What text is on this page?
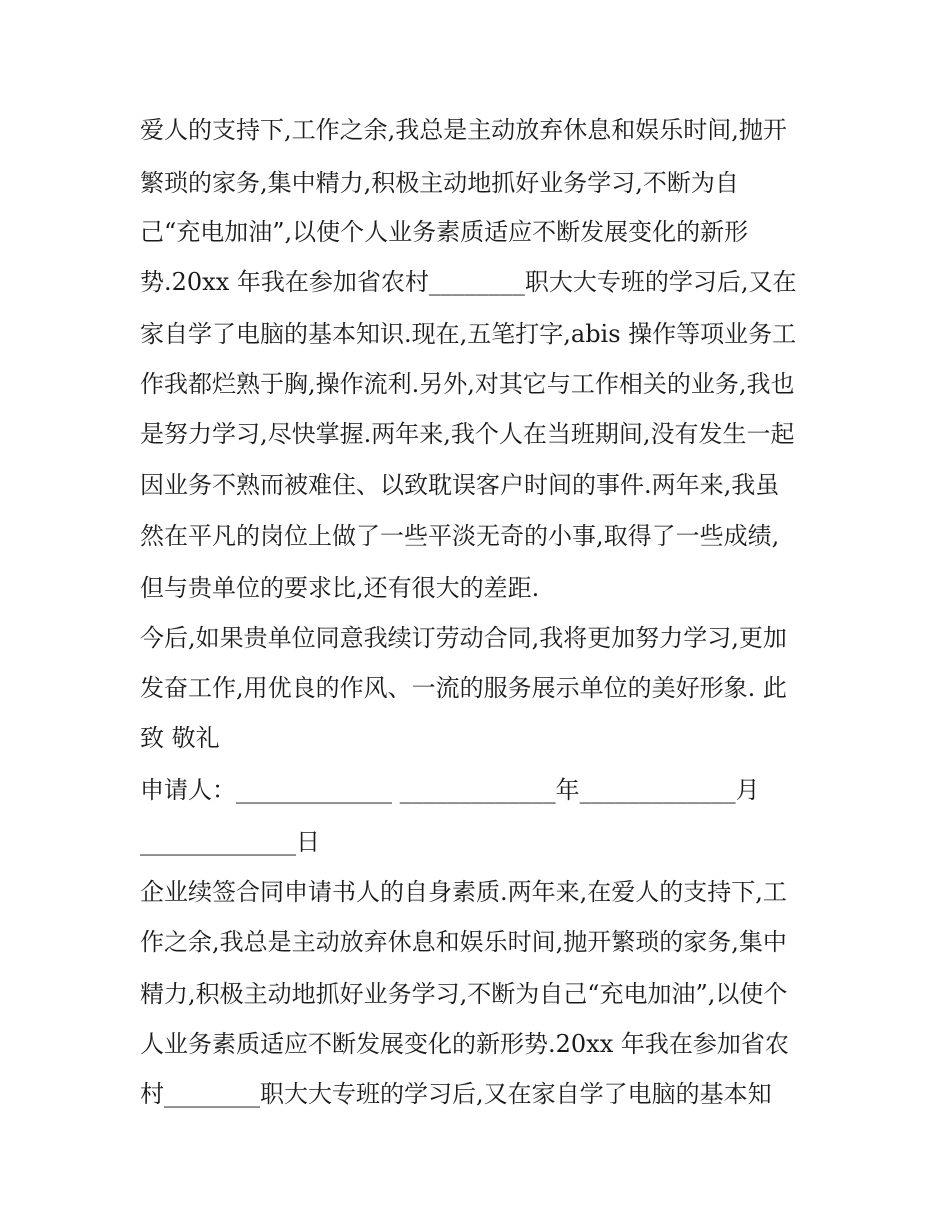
爱人的支持下,工作之余,我总是主动放弃休息和娱乐时间,抛开
繁琐的家务,集中精力,积极主动地抓好业务学习,不断为自
己“充电加油”,以使个人业务素质适应不断发展变化的新形
势.20xx 年我在参加省农村________职大大专班的学习后,又在
家自学了电脑的基本知识.现在,五笔打字,abis 操作等项业务工
作我都烂熟于胸,操作流利.另外,对其它与工作相关的业务,我也
是努力学习,尽快掌握.两年来,我个人在当班期间,没有发生一起
因业务不熟而被难住、以致耽误客户时间的事件.两年来,我虽
然在平凡的岗位上做了一些平淡无奇的小事,取得了一些成绩,
但与贵单位的要求比,还有很大的差距.
今后,如果贵单位同意我续订劳动合同,我将更加努力学习,更加
发奋工作,用优良的作风、一流的服务展示单位的美好形象. 此
致 敬礼
申请人：_____________ _____________年_____________月
_____________日
企业续签合同申请书人的自身素质.两年来,在爱人的支持下,工
作之余,我总是主动放弃休息和娱乐时间,抛开繁琐的家务,集中
精力,积极主动地抓好业务学习,不断为自己“充电加油”,以使个
人业务素质适应不断发展变化的新形势.20xx 年我在参加省农
村________职大大专班的学习后,又在家自学了电脑的基本知
